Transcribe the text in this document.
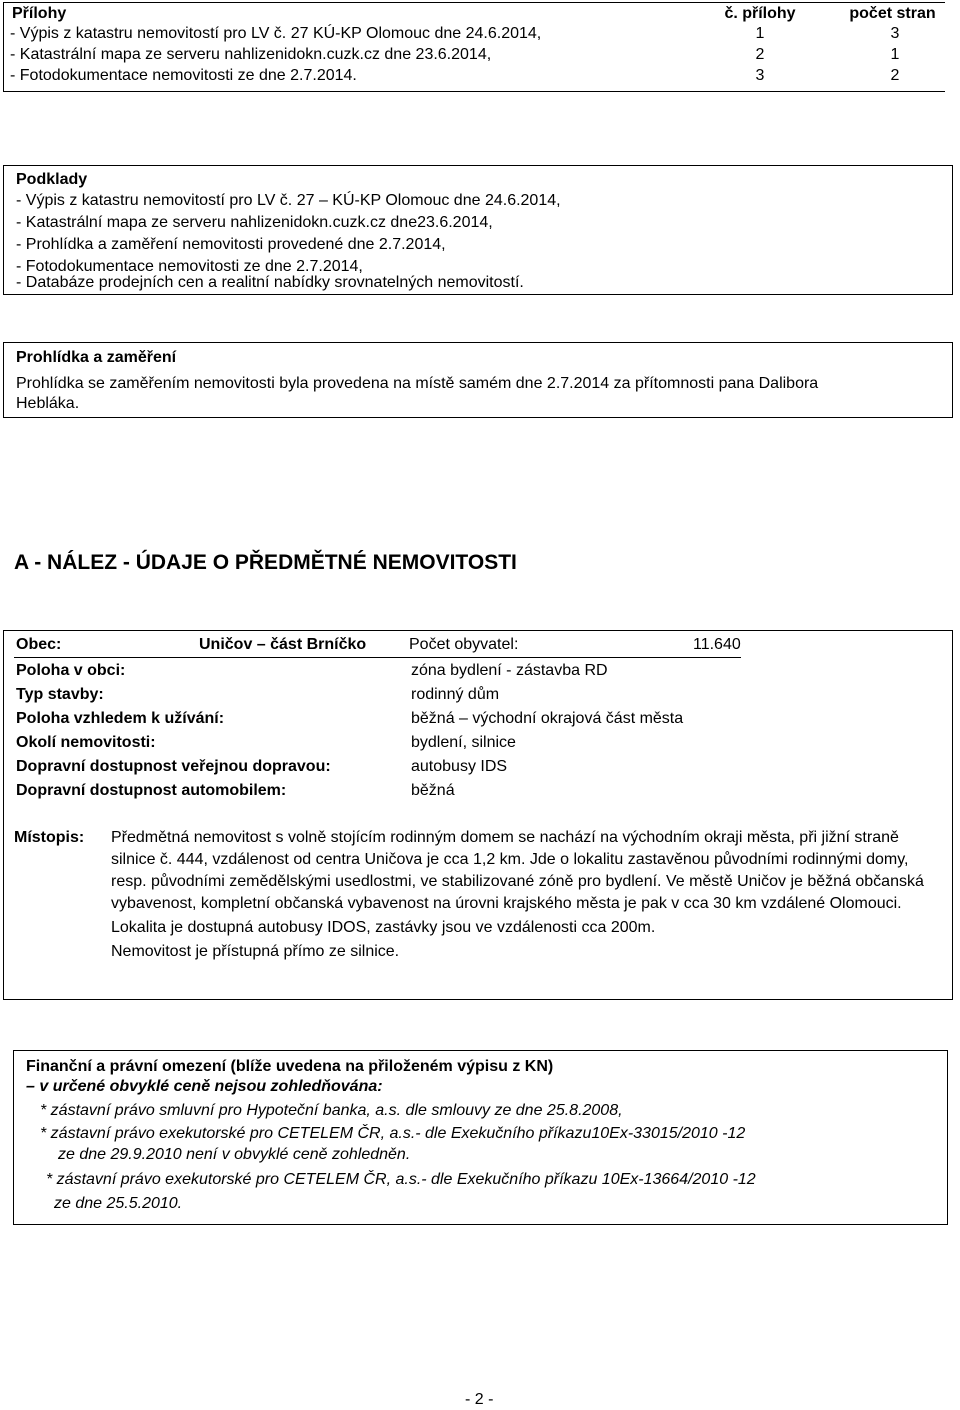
Přílohy	č. přílohy	počet stran
- Výpis z katastru nemovitostí pro LV č. 27 KÚ-KP Olomouc dne 24.6.2014,	1	3
- Katastrální mapa ze serveru nahlizenidokn.cuzk.cz dne 23.6.2014,	2	1
- Fotodokumentace nemovitosti ze dne 2.7.2014.	3	2
Podklady
- Výpis z katastru nemovitostí pro LV č. 27 – KÚ-KP Olomouc dne 24.6.2014,
- Katastrální mapa ze serveru nahlizenidokn.cuzk.cz dne23.6.2014,
- Prohlídka a zaměření nemovitosti provedené dne 2.7.2014,
- Fotodokumentace nemovitosti ze dne 2.7.2014,
- Databáze prodejních cen a realitní nabídky srovnatelných nemovitostí.
Prohlídka a zaměření
Prohlídka se zaměřením nemovitosti byla provedena na místě samém dne 2.7.2014 za přítomnosti pana Dalibora
Hebláka.
A - NÁLEZ - ÚDAJE O PŘEDMĚTNÉ NEMOVITOSTI
Obec:	Uničov – část Brníčko	Počet obyvatel:	11.640
Poloha v obci:	zóna bydlení - zástavba RD
Typ stavby:	rodinný dům
Poloha vzhledem k užívání:	běžná – východní okrajová část města
Okolí nemovitosti:	bydlení, silnice
Dopravní dostupnost veřejnou dopravou:	autobusy IDS
Dopravní dostupnost automobilem:	běžná
Místopis: Předmětná nemovitost s volně stojícím rodinným domem se nachází na východním okraji města, při jižní straně silnice č. 444, vzdálenost od centra Uničova je cca 1,2 km. Jde o lokalitu zastavěnou původními rodinnými domy, resp. původními zemědělskými usedlostmi, ve stabilizované zóně pro bydlení. Ve městě Uničov je běžná občanská vybavenost, kompletní občanská vybavenost na úrovni krajského města je pak v cca 30 km vzdálené Olomouci.

Lokalita je dostupná autobusy IDOS, zastávky jsou ve vzdálenosti cca 200m.

Nemovitost je přístupná přímo ze silnice.

Finanční a právní omezení (blíže uvedena na přiloženém výpisu z KN)
– v určené obvyklé ceně nejsou zohledňována:
* zástavní právo smluvní pro Hypoteční banka, a.s. dle smlouvy ze dne 25.8.2008,
* zástavní právo exekutorské pro CETELEM ČR, a.s.- dle Exekučního příkazu10Ex-33015/2010 -12
ze dne 29.9.2010 není v obvyklé ceně zohledněn.
* zástavní právo exekutorské pro CETELEM ČR, a.s.- dle Exekučního příkazu 10Ex-13664/2010 -12
ze dne 25.5.2010.
- 2 -
